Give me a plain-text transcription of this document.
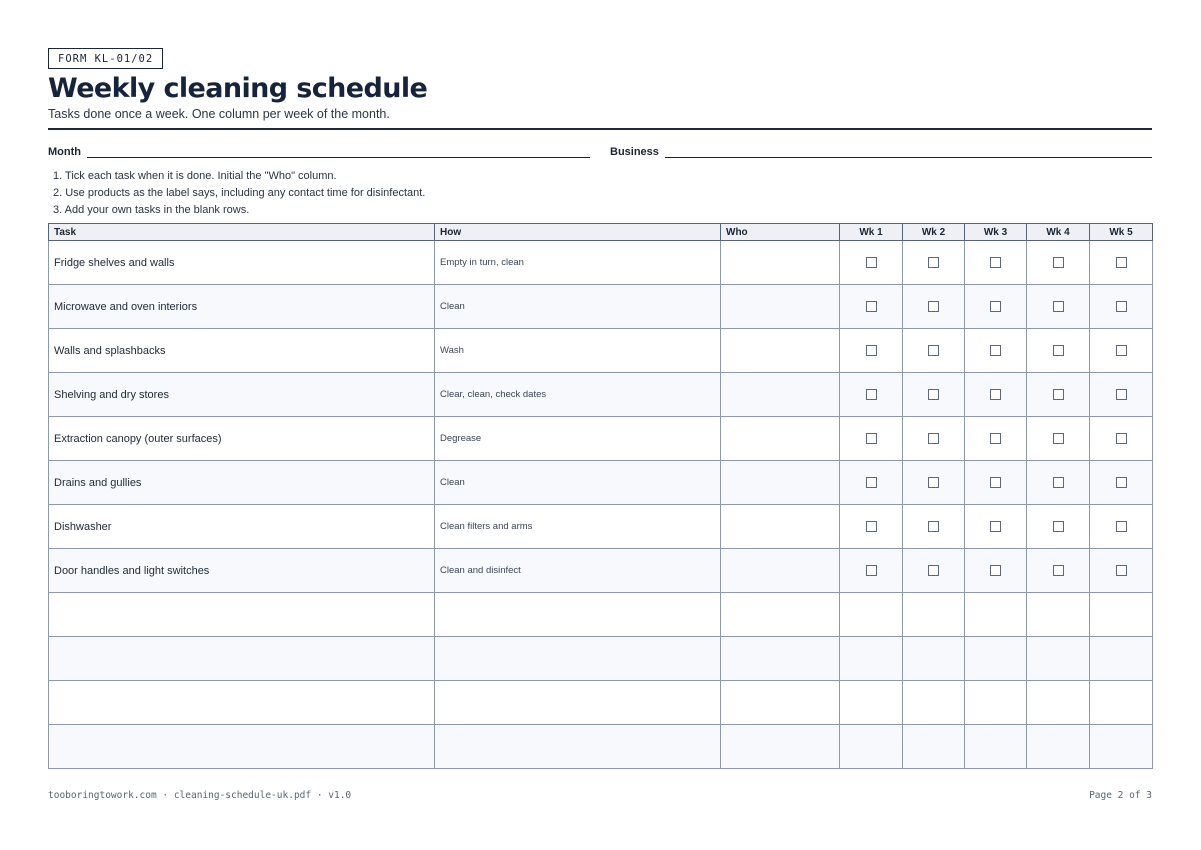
FORM KL-01/02
Weekly cleaning schedule
Tasks done once a week. One column per week of the month.
Month	Business
1. Tick each task when it is done. Initial the "Who" column.
2. Use products as the label says, including any contact time for disinfectant.
3. Add your own tasks in the blank rows.
Task	How	Who	Wk 1	Wk 2	Wk 3	Wk 4	Wk 5
Fridge shelves and walls	Empty in turn, clean						
Microwave and oven interiors	Clean						
Walls and splashbacks	Wash						
Shelving and dry stores	Clear, clean, check dates						
Extraction canopy (outer surfaces)	Degrease						
Drains and gullies	Clean						
Dishwasher	Clean filters and arms						
Door handles and light switches	Clean and disinfect						

tooboringtowork.com · cleaning-schedule-uk.pdf · v1.0	Page 2 of 3
